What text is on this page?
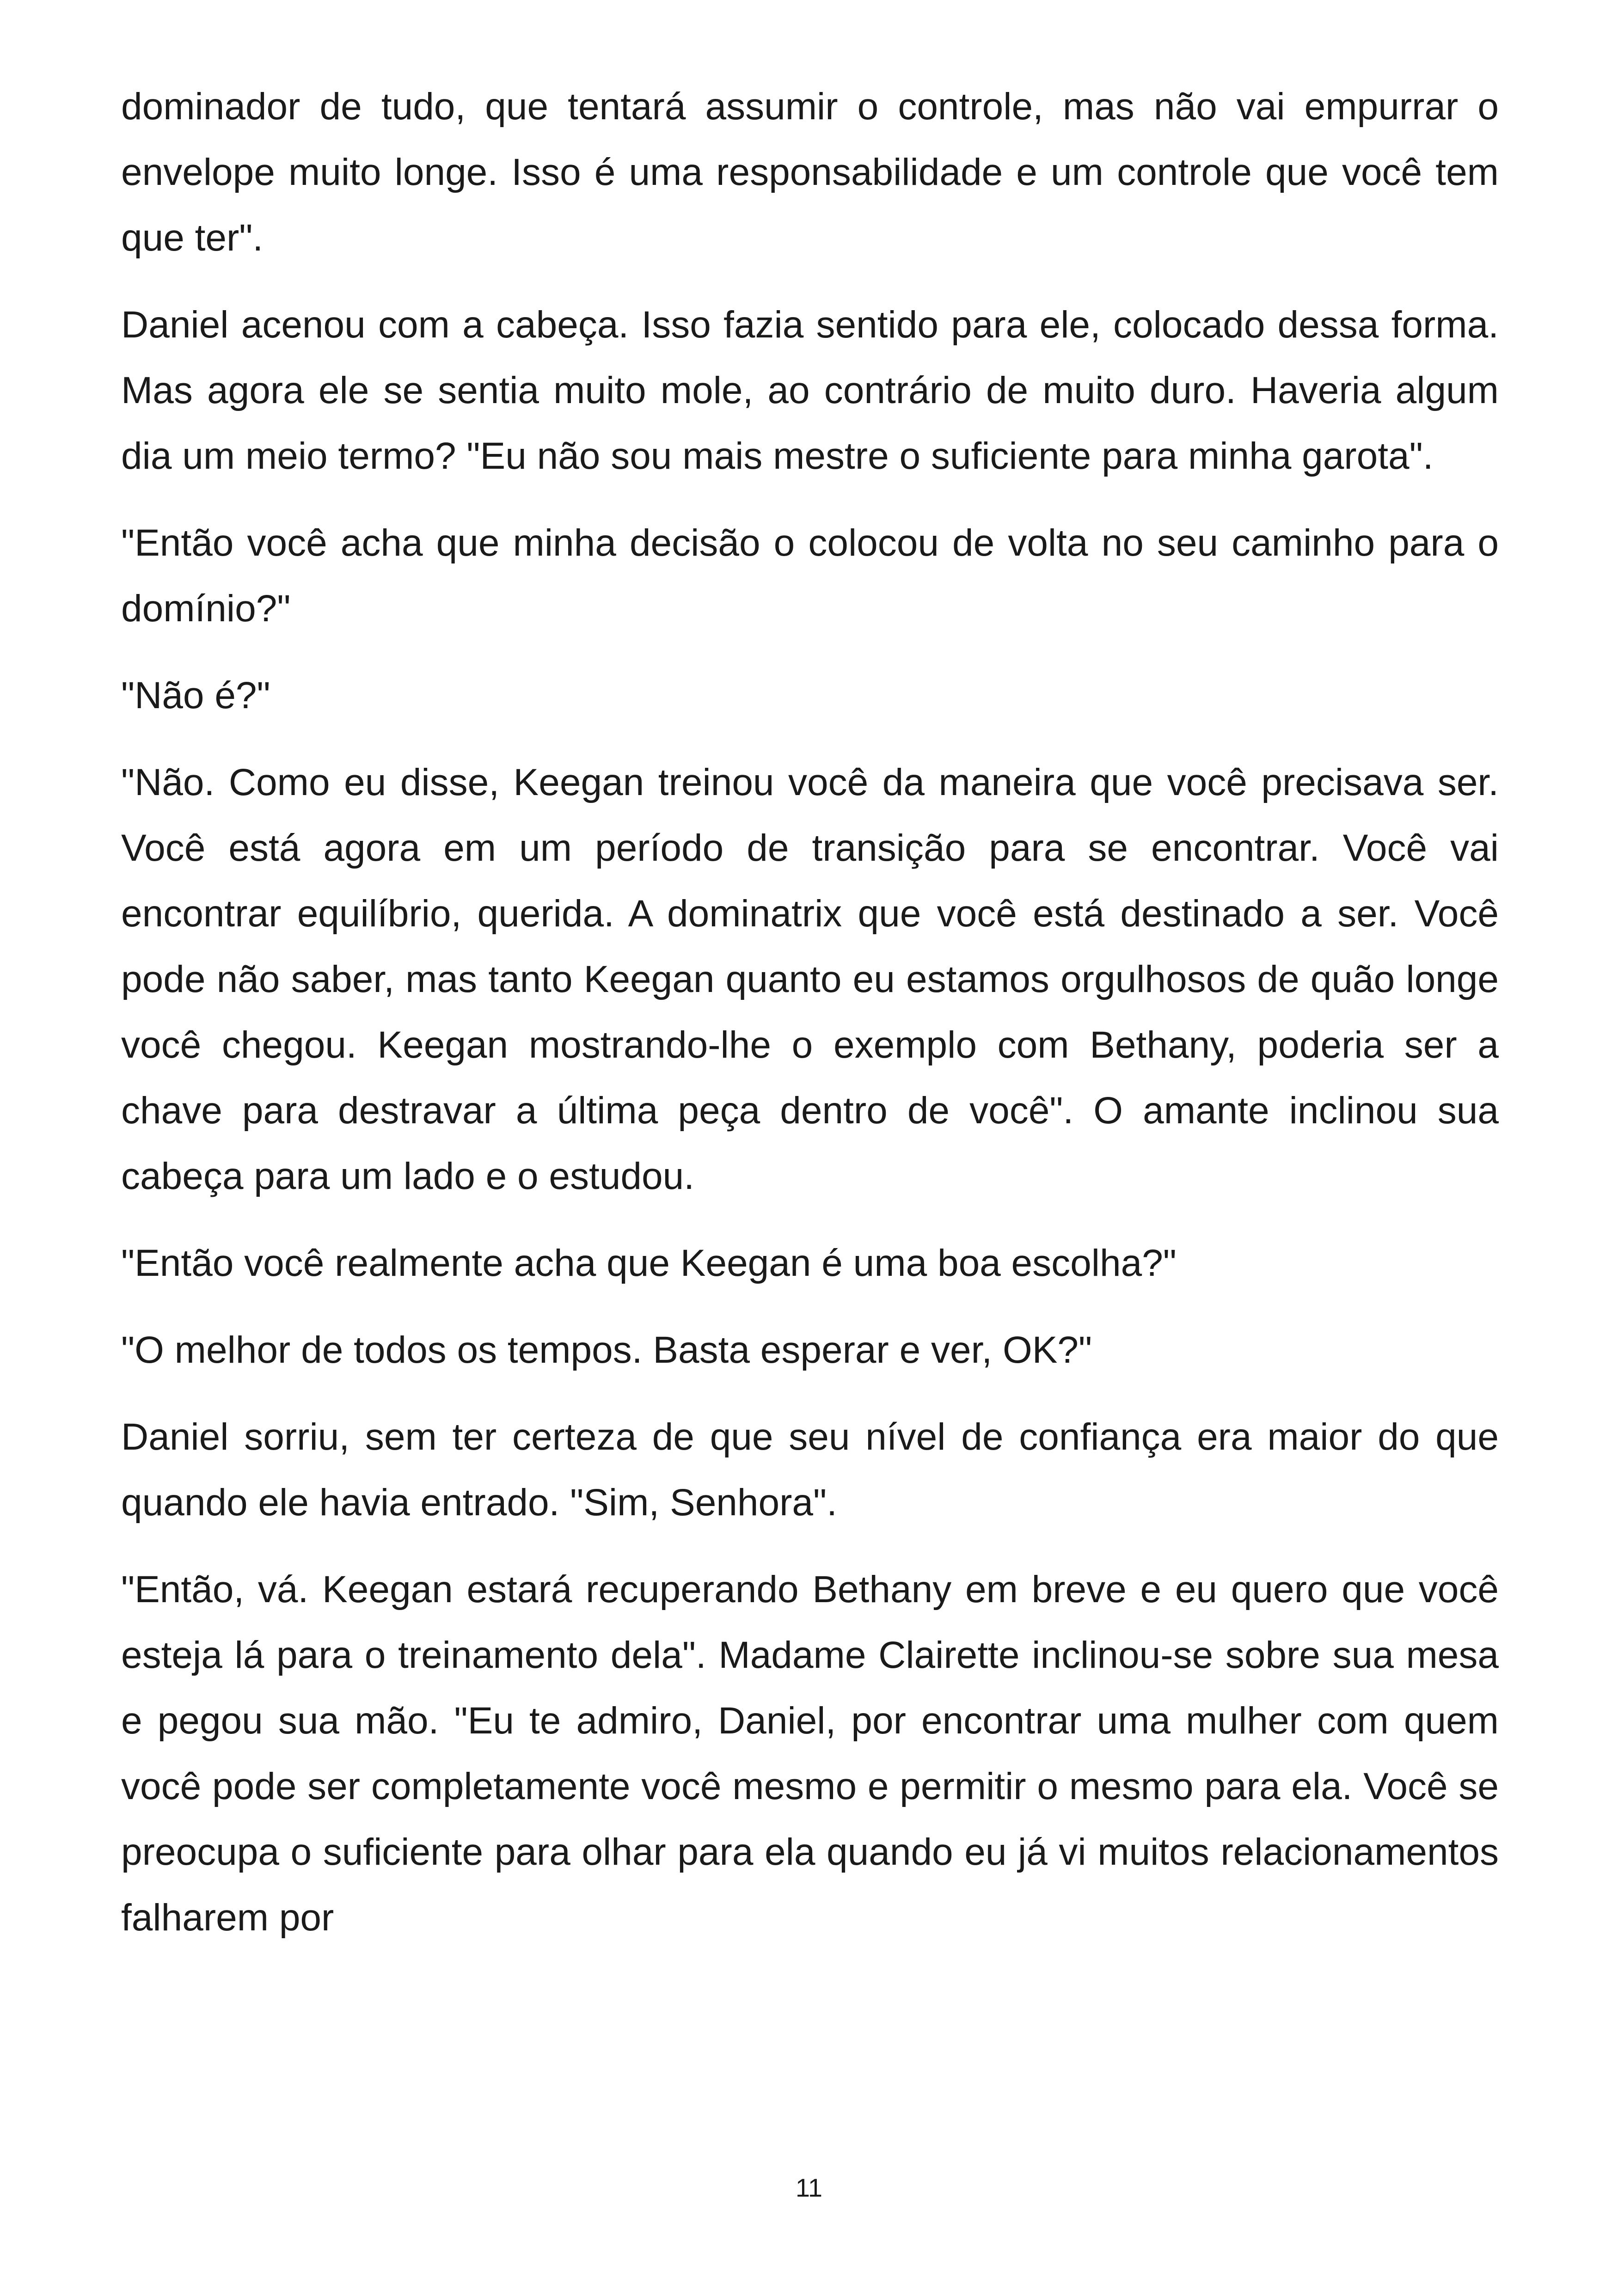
dominador de tudo, que tentará assumir o controle, mas não vai empurrar o envelope muito longe. Isso é uma responsabilidade e um controle que você tem que ter".

Daniel acenou com a cabeça. Isso fazia sentido para ele, colocado dessa forma. Mas agora ele se sentia muito mole, ao contrário de muito duro. Haveria algum dia um meio termo? "Eu não sou mais mestre o suficiente para minha garota".

"Então você acha que minha decisão o colocou de volta no seu caminho para o domínio?"

"Não é?"

"Não. Como eu disse, Keegan treinou você da maneira que você precisava ser. Você está agora em um período de transição para se encontrar. Você vai encontrar equilíbrio, querida. A dominatrix que você está destinado a ser. Você pode não saber, mas tanto Keegan quanto eu estamos orgulhosos de quão longe você chegou. Keegan mostrando-lhe o exemplo com Bethany, poderia ser a chave para destravar a última peça dentro de você". O amante inclinou sua cabeça para um lado e o estudou.

"Então você realmente acha que Keegan é uma boa escolha?"

"O melhor de todos os tempos. Basta esperar e ver, OK?"

Daniel sorriu, sem ter certeza de que seu nível de confiança era maior do que quando ele havia entrado. "Sim, Senhora".

"Então, vá. Keegan estará recuperando Bethany em breve e eu quero que você esteja lá para o treinamento dela". Madame Clairette inclinou-se sobre sua mesa e pegou sua mão. "Eu te admiro, Daniel, por encontrar uma mulher com quem você pode ser completamente você mesmo e permitir o mesmo para ela. Você se preocupa o suficiente para olhar para ela quando eu já vi muitos relacionamentos falharem por

11
